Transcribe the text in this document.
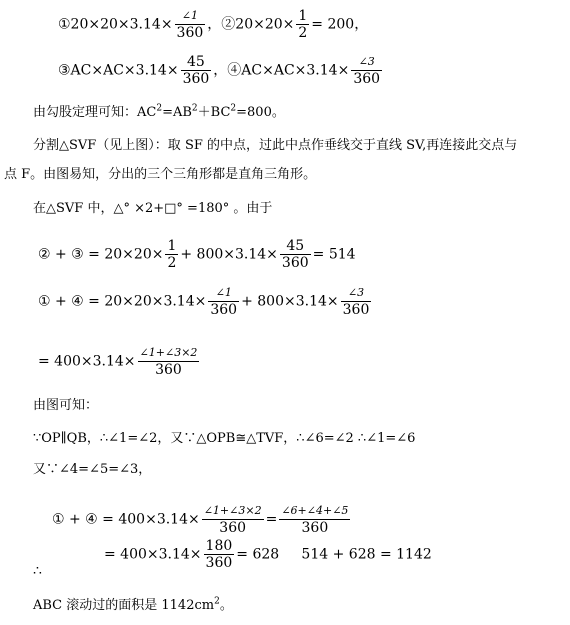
①20×20×3.14×
∠1
360
，②20×20× $\frac{1}{2} = 200$，
③AC×AC×3.14× $\frac{45}{360}$ ，④AC×AC×3.14×
∠3
360
由勾股定理可知：$AC^2=AB^2+BC^2=800$。
分割△SVF（见上图）：取 SF 的中点，过此中点作垂线交于直线 SV,再连接此交点与
点 F。由图易知，分出的三个三角形都是直角三角形。
在△SVF 中，△° ×2+□° =180° 。由于
② + ③ = $20\times 20\times \frac{1}{2} + 800\times 3.14\times \frac{45}{360} = 514$
① + ④ = 20×20×3.14×
∠1
360
+ 800×3.14×
∠3
360
= 400×3.14×
∠1+∠3×2
360
由图可知：
∵OP∥QB，∴∠1=∠2，又∵△OPB≅△TVF，∴∠6=∠2 ∴∠1=∠6
又∵∠4=∠5=∠3，
① + ④ = 400×3.14×
∠1+∠3×2
360
=
∠6+∠4+∠5
360
= $400\times 3.14\times \frac{180}{360} = 628$     514 + 628 = 1142
∴
ABC 滚动过的面积是 $1142cm^2$。
